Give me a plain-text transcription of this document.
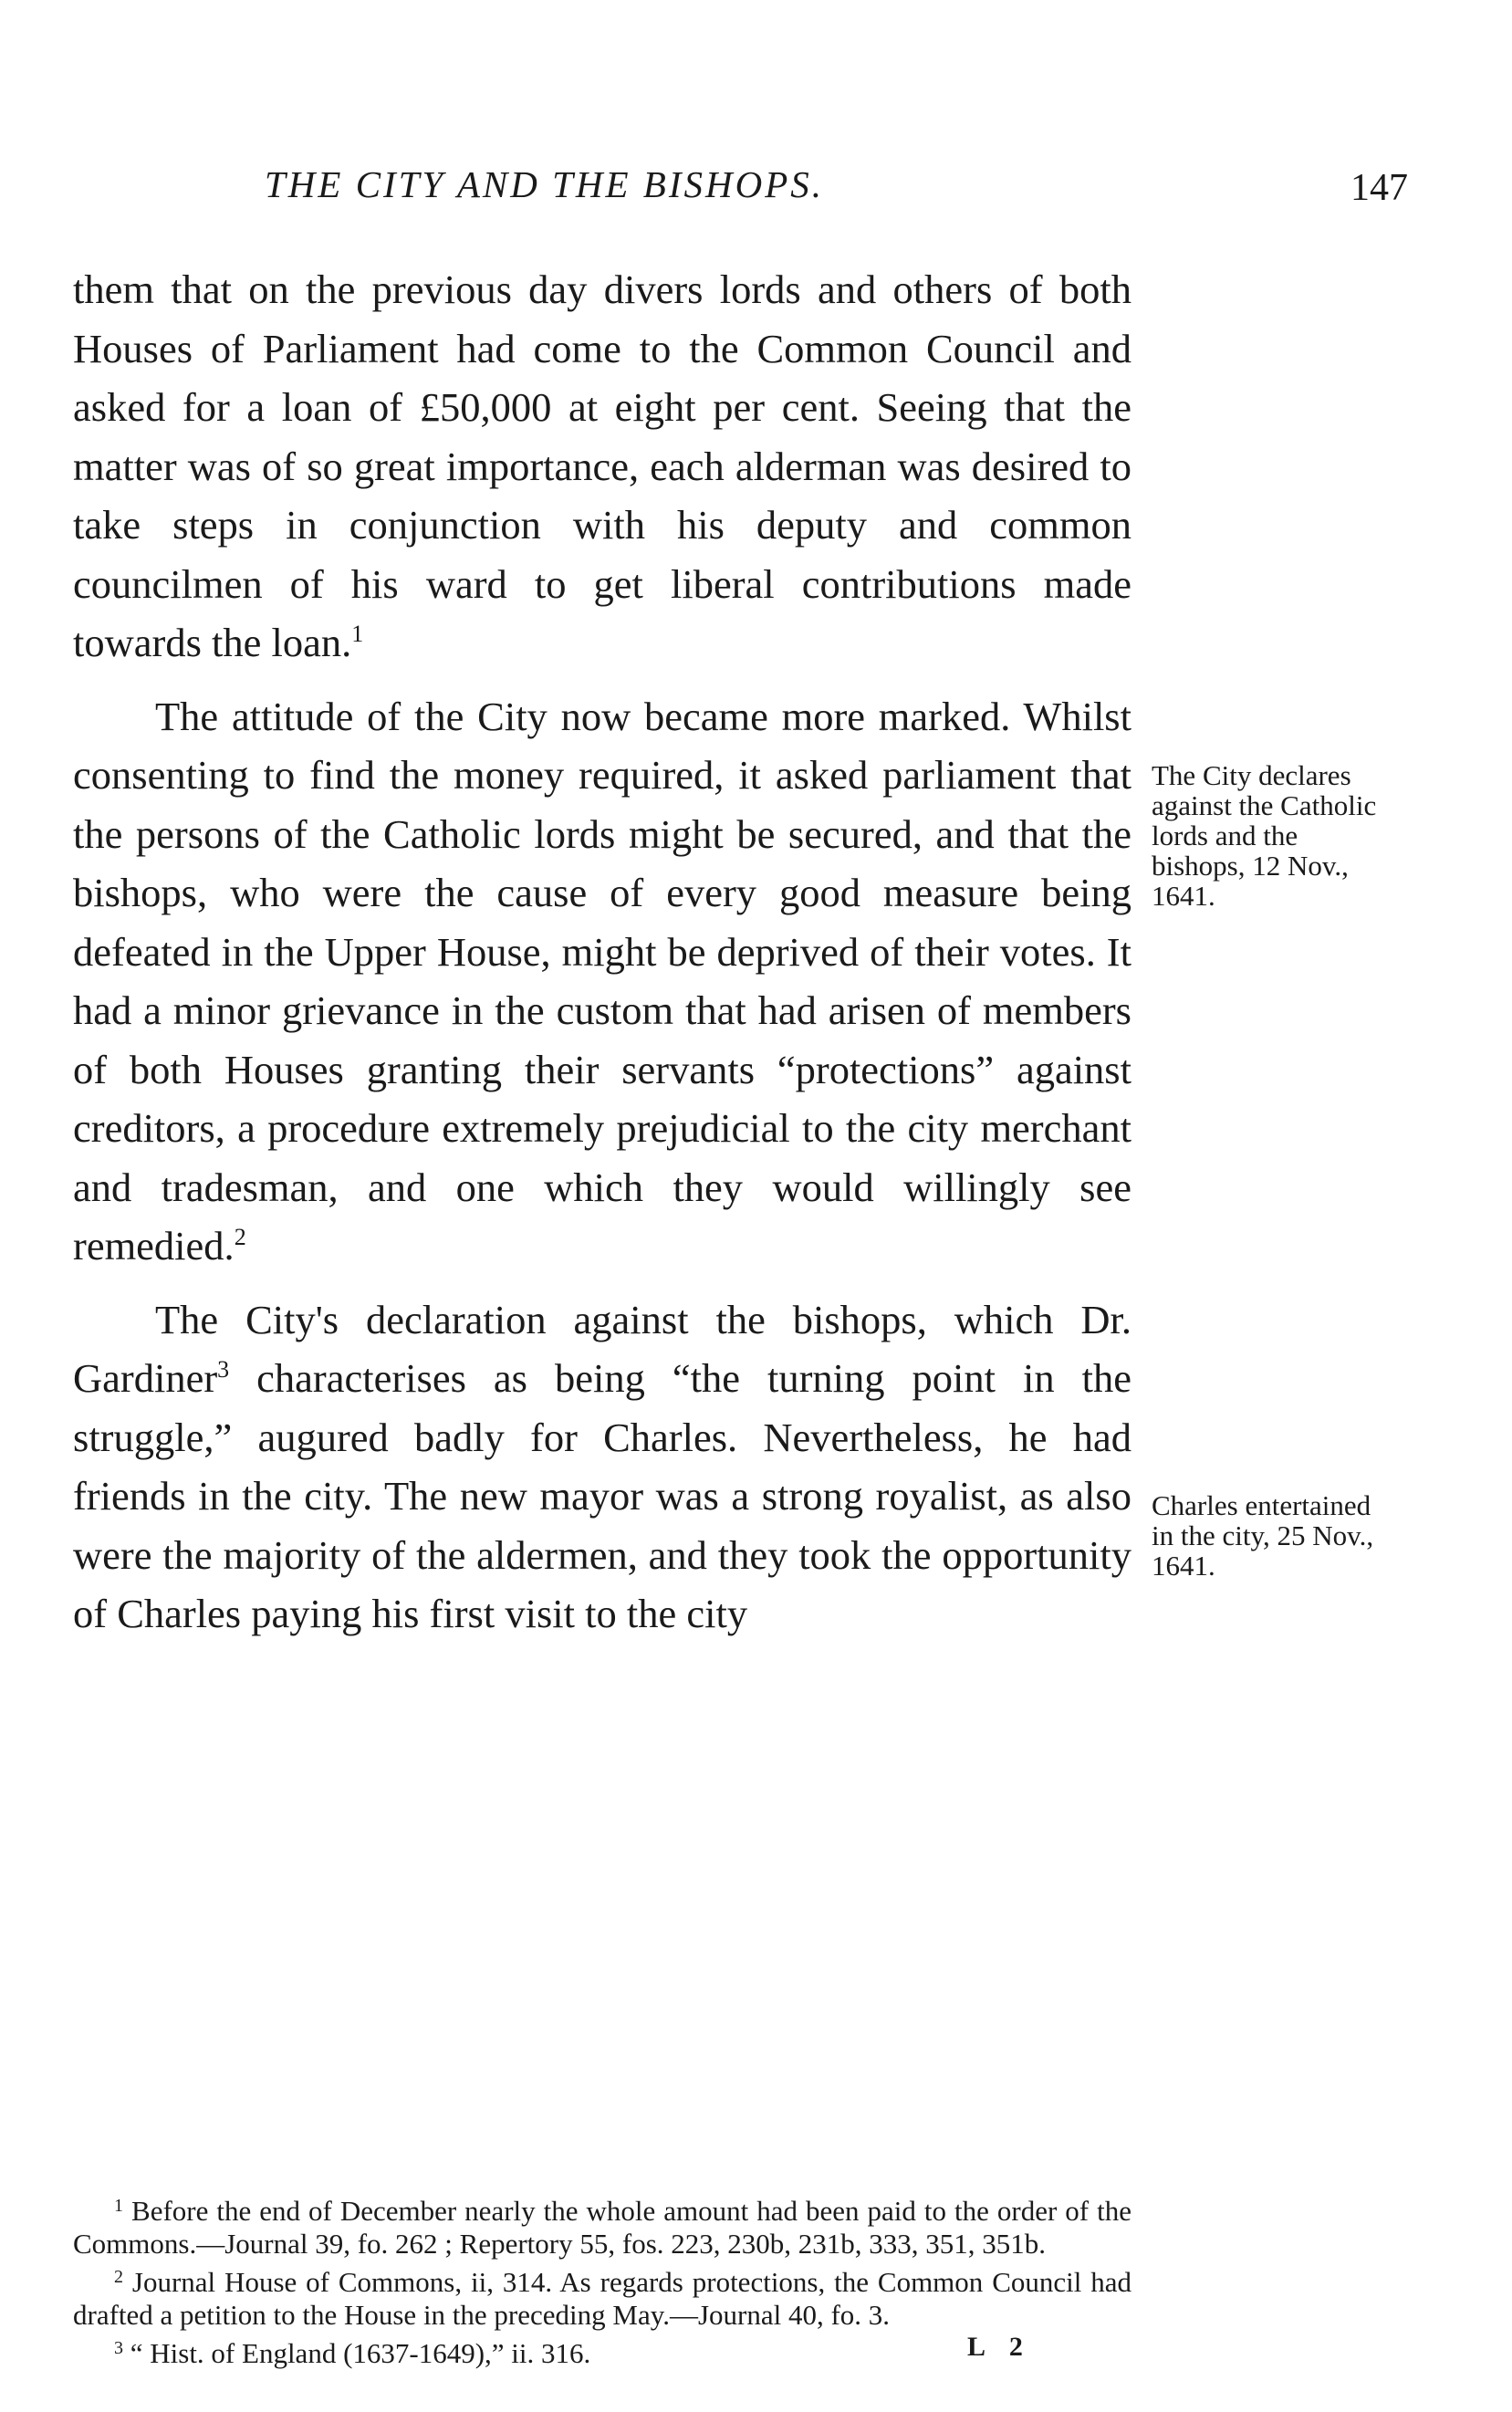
THE CITY AND THE BISHOPS.	147

them that on the previous day divers lords and others of both Houses of Parliament had come to the Common Council and asked for a loan of £50,000 at eight per cent. Seeing that the matter was of so great importance, each alderman was desired to take steps in conjunction with his deputy and common councilmen of his ward to get liberal contributions made towards the loan.$^1$

The attitude of the City now became more marked. Whilst consenting to find the money required, it asked parliament that the persons of the Catholic lords might be secured, and that the bishops, who were the cause of every good measure being defeated in the Upper House, might be deprived of their votes. It had a minor grievance in the custom that had arisen of members of both Houses granting their servants “protections” against creditors, a procedure extremely prejudicial to the city merchant and tradesman, and one which they would willingly see remedied.$^2$

The City's declaration against the bishops, which Dr. Gardiner$^3$ characterises as being “the turning point in the struggle,” augured badly for Charles. Nevertheless, he had friends in the city. The new mayor was a strong royalist, as also were the majority of the aldermen, and they took the opportunity of Charles paying his first visit to the city

The City declares against the Catholic lords and the bishops, 12 Nov., 1641.
Charles entertained in the city, 25 Nov., 1641.

$^1$ Before the end of December nearly the whole amount had been paid to the order of the Commons.—Journal 39, fo. 262 ; Repertory 55, fos. 223, 230b, 231b, 333, 351, 351b.

$^2$ Journal House of Commons, ii, 314. As regards protections, the Common Council had drafted a petition to the House in the preceding May.—Journal 40, fo. 3.

$^3$ “ Hist. of England (1637-1649),” ii. 316.	L 2
